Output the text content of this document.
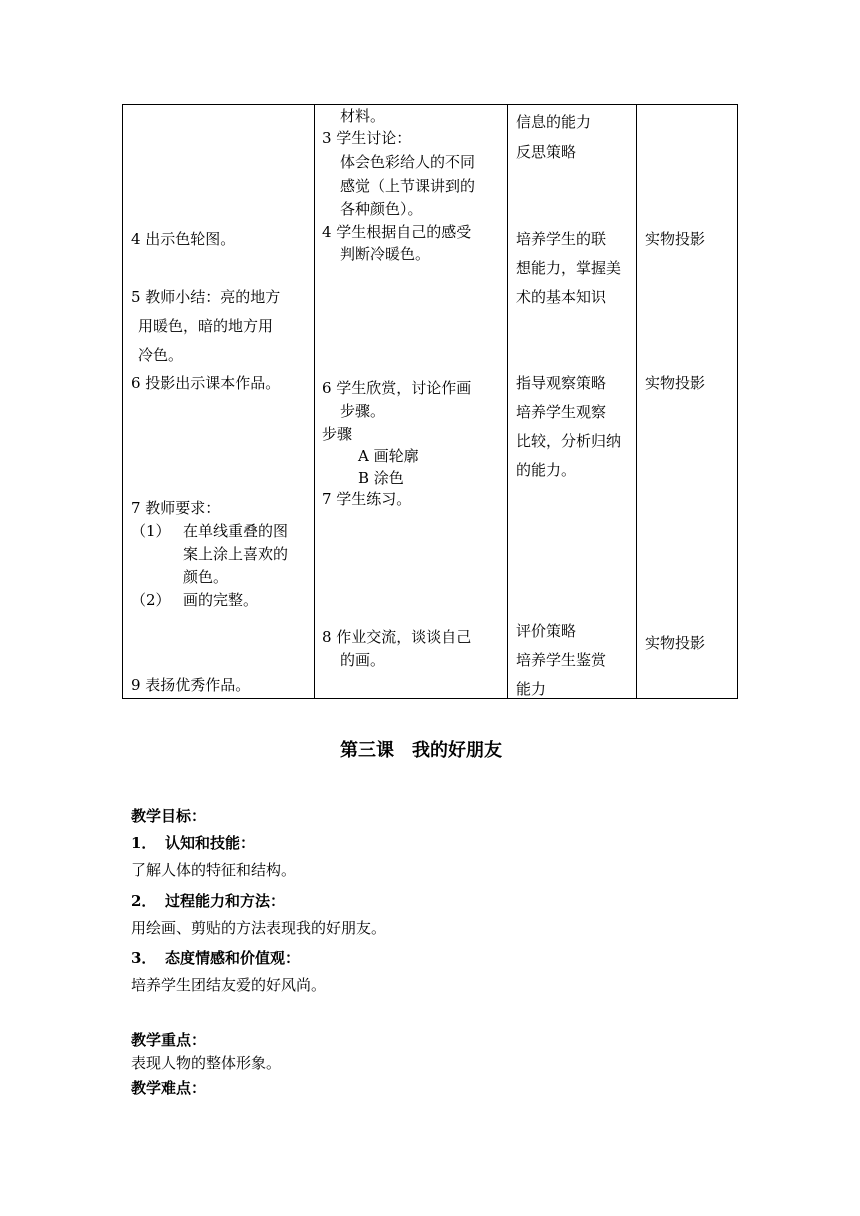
4 出示色轮图。
5 教师小结：亮的地方
用暖色，暗的地方用
冷色。
6 投影出示课本作品。
7 教师要求：
（1） 在单线重叠的图
案上涂上喜欢的
颜色。
（2） 画的完整。
9 表扬优秀作品。
材料。
3 学生讨论：
体会色彩给人的不同
感觉（上节课讲到的
各种颜色）。
4 学生根据自己的感受
判断冷暖色。
6 学生欣赏，讨论作画
步骤。
步骤
A 画轮廓
B 涂色
7 学生练习。
8 作业交流，谈谈自己
的画。
信息的能力
反思策略
培养学生的联
想能力，掌握美
术的基本知识
指导观察策略
培养学生观察
比较，分析归纳
的能力。
评价策略
培养学生鉴赏
能力
实物投影
实物投影
实物投影
第三课　我的好朋友
教学目标：
1． 认知和技能：
了解人体的特征和结构。
2． 过程能力和方法：
用绘画、剪贴的方法表现我的好朋友。
3． 态度情感和价值观：
培养学生团结友爱的好风尚。
教学重点：
表现人物的整体形象。
教学难点：
